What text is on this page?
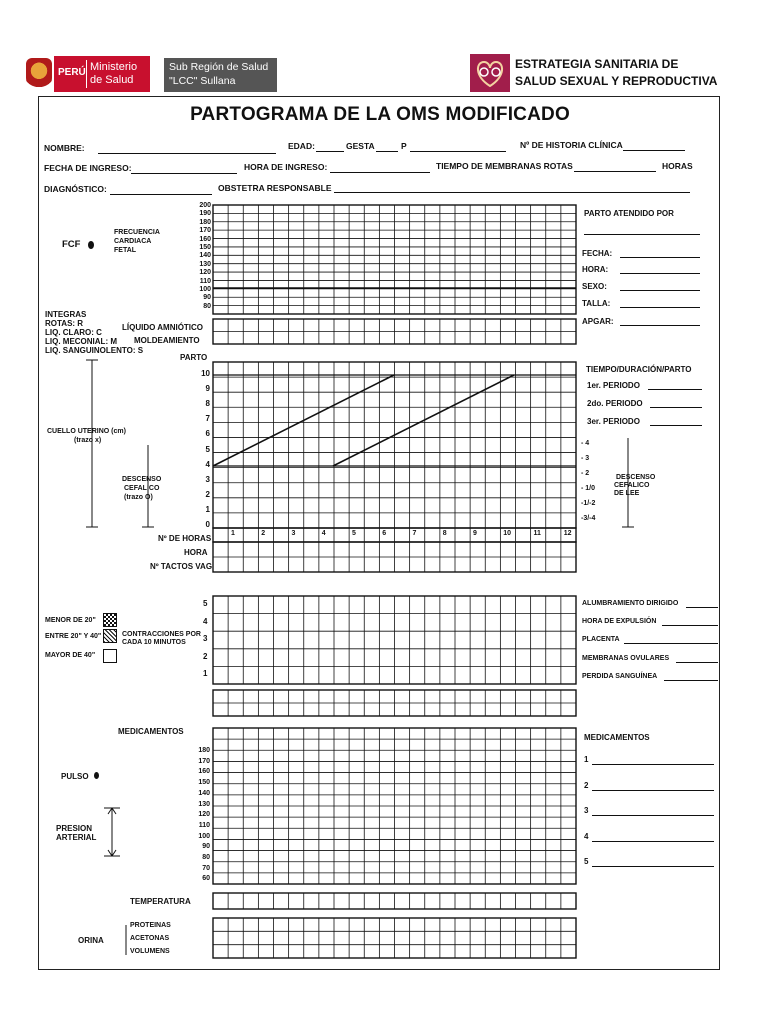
PERÚ Ministerio
de Salud
Sub Región de Salud
"LCC" Sullana
ESTRATEGIA SANITARIA DE
SALUD SEXUAL Y REPRODUCTIVA
PARTOGRAMA DE LA OMS MODIFICADO
NOMBRE:	EDAD:	GESTA	P	Nº DE HISTORIA CLÍNICA
FECHA DE INGRESO:	HORA DE INGRESO:	TIEMPO DE MEMBRANAS ROTAS	HORAS
DIAGNÓSTICO:	OBSTETRA RESPONSABLE
FCF
FRECUENCIA
CARDIACA
FETAL
200
190
180
170
160
150
140
130
120
110
100
90
80
PARTO ATENDIDO POR
FECHA:
HORA:
SEXO:
TALLA:
APGAR:
INTEGRAS
ROTAS: R
LIQ. CLARO: C
LIQ. MECONIAL: M
LIQ. SANGUINOLENTO: S
LÍQUIDO AMNIÓTICO
MOLDEAMIENTO
PARTO
10
9
8
7
6
5
4
3
2
1
0
1	2	3	4	5	6	7	8	9	10	11	12
CUELLO UTERINO (cm)
(trazo x)
DESCENSO
CEFALICO
(trazo O)
Nº DE HORAS
HORA
Nº TACTOS VAG
TIEMPO/DURACIÓN/PARTO
1er. PERIODO
2do. PERIODO
3er. PERIODO
- 4
- 3
- 2
- 1/0
-1/-2
-3/-4
DESCENSO
CEFALICO
DE LEE
MENOR DE 20"
ENTRE 20" Y 40"	CONTRACCIONES POR
CADA 10 MINUTOS
MAYOR DE 40"
5
4
3
2
1
ALUMBRAMIENTO DIRIGIDO
HORA DE EXPULSIÓN
PLACENTA
MEMBRANAS OVULARES
PERDIDA SANGUÍNEA
MEDICAMENTOS
MEDICAMENTOS
1
2
3
4
5
PULSO
PRESION
ARTERIAL
180
170
160
150
140
130
120
110
100
90
80
70
60
TEMPERATURA
ORINA
PROTEINAS
ACETONAS
VOLUMENS
